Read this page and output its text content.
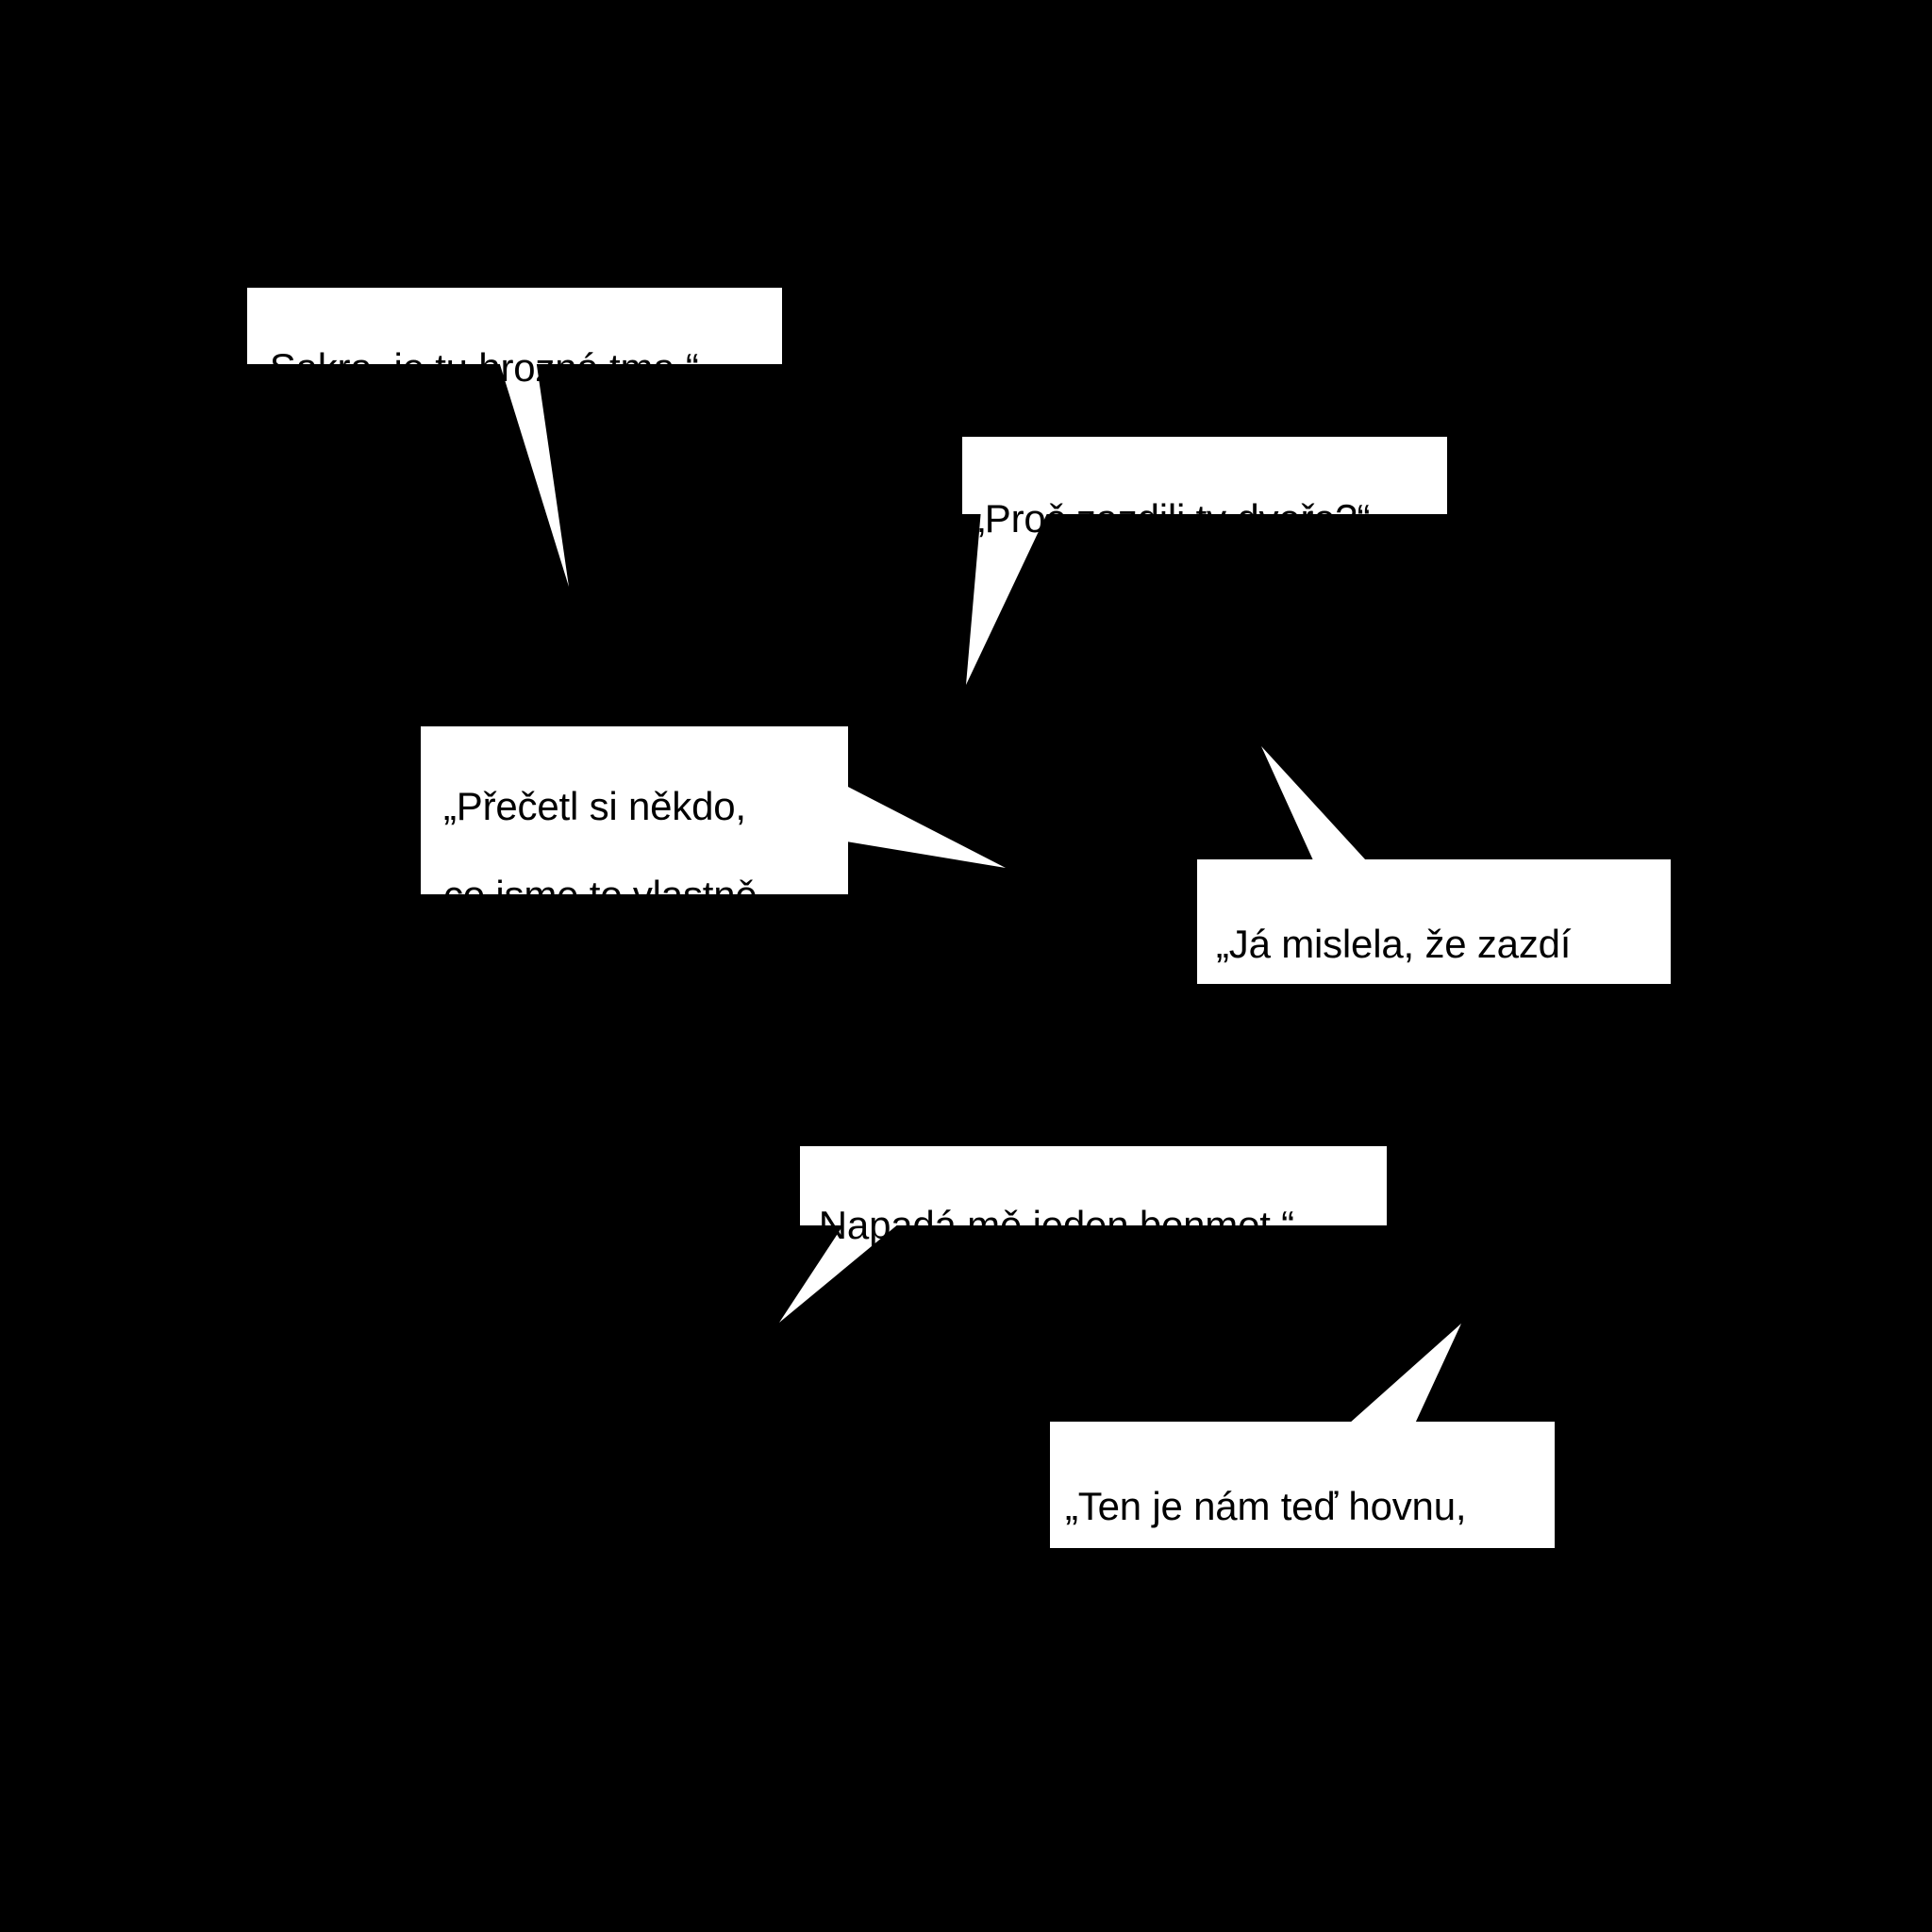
„Sakra, je tu hrozná tma.“

„Proč zazdili ty dveře?“

„Přečetl si někdo,

co jsme to vlastně

podepsali? Aleno?“

„Já mislela, že zazdí

jen ten papýr, šéfe.“

„Napadá mě jeden bonmot.“

„Ten je nám teď hovnu,

pojďme se modlit.“
